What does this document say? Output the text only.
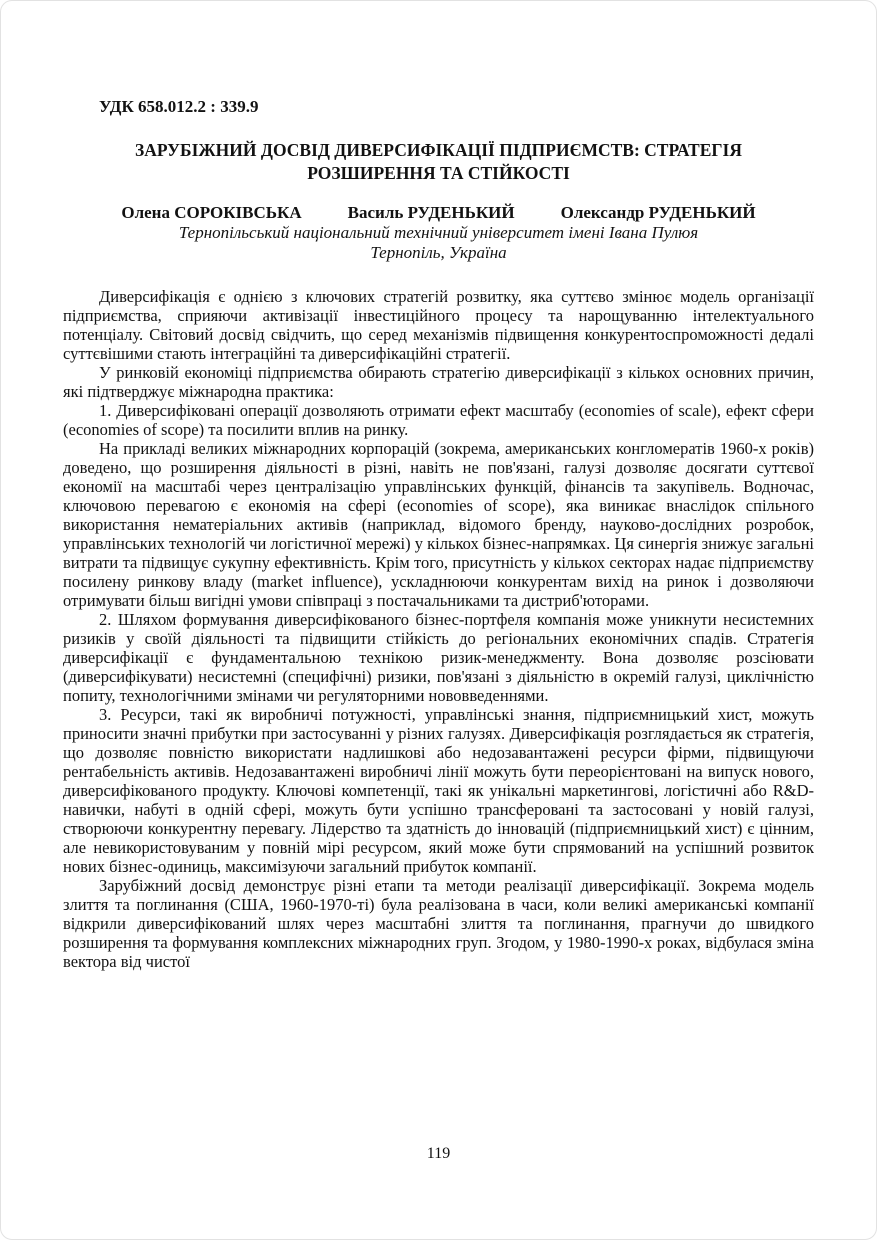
УДК 658.012.2 : 339.9
ЗАРУБІЖНИЙ ДОСВІД ДИВЕРСИФІКАЦІЇ ПІДПРИЄМСТВ: СТРАТЕГІЯ
РОЗШИРЕННЯ ТА СТІЙКОСТІ
Олена СОРОКІВСЬКА	Василь РУДЕНЬКИЙ	Олександр РУДЕНЬКИЙ
Тернопільський національний технічний університет імені Івана Пулюя
Тернопіль, Україна

Диверсифікація є однією з ключових стратегій розвитку, яка суттєво змінює модель організації підприємства, сприяючи активізації інвестиційного процесу та нарощуванню інтелектуального потенціалу. Світовий досвід свідчить, що серед механізмів підвищення конкурентоспроможності дедалі суттєвішими стають інтеграційні та диверсифікаційні стратегії.

У ринковій економіці підприємства обирають стратегію диверсифікації з кількох основних причин, які підтверджує міжнародна практика:

1. Диверсифіковані операції дозволяють отримати ефект масштабу (economies of scale), ефект сфери (economies of scope) та посилити вплив на ринку.

На прикладі великих міжнародних корпорацій (зокрема, американських конгломератів 1960-х років) доведено, що розширення діяльності в різні, навіть не пов'язані, галузі дозволяє досягати суттєвої економії на масштабі через централізацію управлінських функцій, фінансів та закупівель. Водночас, ключовою перевагою є економія на сфері (economies of scope), яка виникає внаслідок спільного використання нематеріальних активів (наприклад, відомого бренду, науково-дослідних розробок, управлінських технологій чи логістичної мережі) у кількох бізнес-напрямках. Ця синергія знижує загальні витрати та підвищує сукупну ефективність. Крім того, присутність у кількох секторах надає підприємству посилену ринкову владу (market influence), ускладнюючи конкурентам вихід на ринок і дозволяючи отримувати більш вигідні умови співпраці з постачальниками та дистриб'юторами.

2. Шляхом формування диверсифікованого бізнес-портфеля компанія може уникнути несистемних ризиків у своїй діяльності та підвищити стійкість до регіональних економічних спадів. Стратегія диверсифікації є фундаментальною технікою ризик-менеджменту. Вона дозволяє розсіювати (диверсифікувати) несистемні (специфічні) ризики, пов'язані з діяльністю в окремій галузі, циклічністю попиту, технологічними змінами чи регуляторними нововведеннями.

3. Ресурси, такі як виробничі потужності, управлінські знання, підприємницький хист, можуть приносити значні прибутки при застосуванні у різних галузях. Диверсифікація розглядається як стратегія, що дозволяє повністю використати надлишкові або недозавантажені ресурси фірми, підвищуючи рентабельність активів. Недозавантажені виробничі лінії можуть бути переорієнтовані на випуск нового, диверсифікованого продукту. Ключові компетенції, такі як унікальні маркетингові, логістичні або R&D-навички, набуті в одній сфері, можуть бути успішно трансферовані та застосовані у новій галузі, створюючи конкурентну перевагу. Лідерство та здатність до інновацій (підприємницький хист) є цінним, але невикористовуваним у повній мірі ресурсом, який може бути спрямований на успішний розвиток нових бізнес-одиниць, максимізуючи загальний прибуток компанії.

Зарубіжний досвід демонструє різні етапи та методи реалізації диверсифікації. Зокрема модель злиття та поглинання (США, 1960-1970-ті) була реалізована в часи, коли великі американські компанії відкрили диверсифікований шлях через масштабні злиття та поглинання, прагнучи до швидкого розширення та формування комплексних міжнародних груп. Згодом, у 1980-1990-х роках, відбулася зміна вектора від чистої

119
